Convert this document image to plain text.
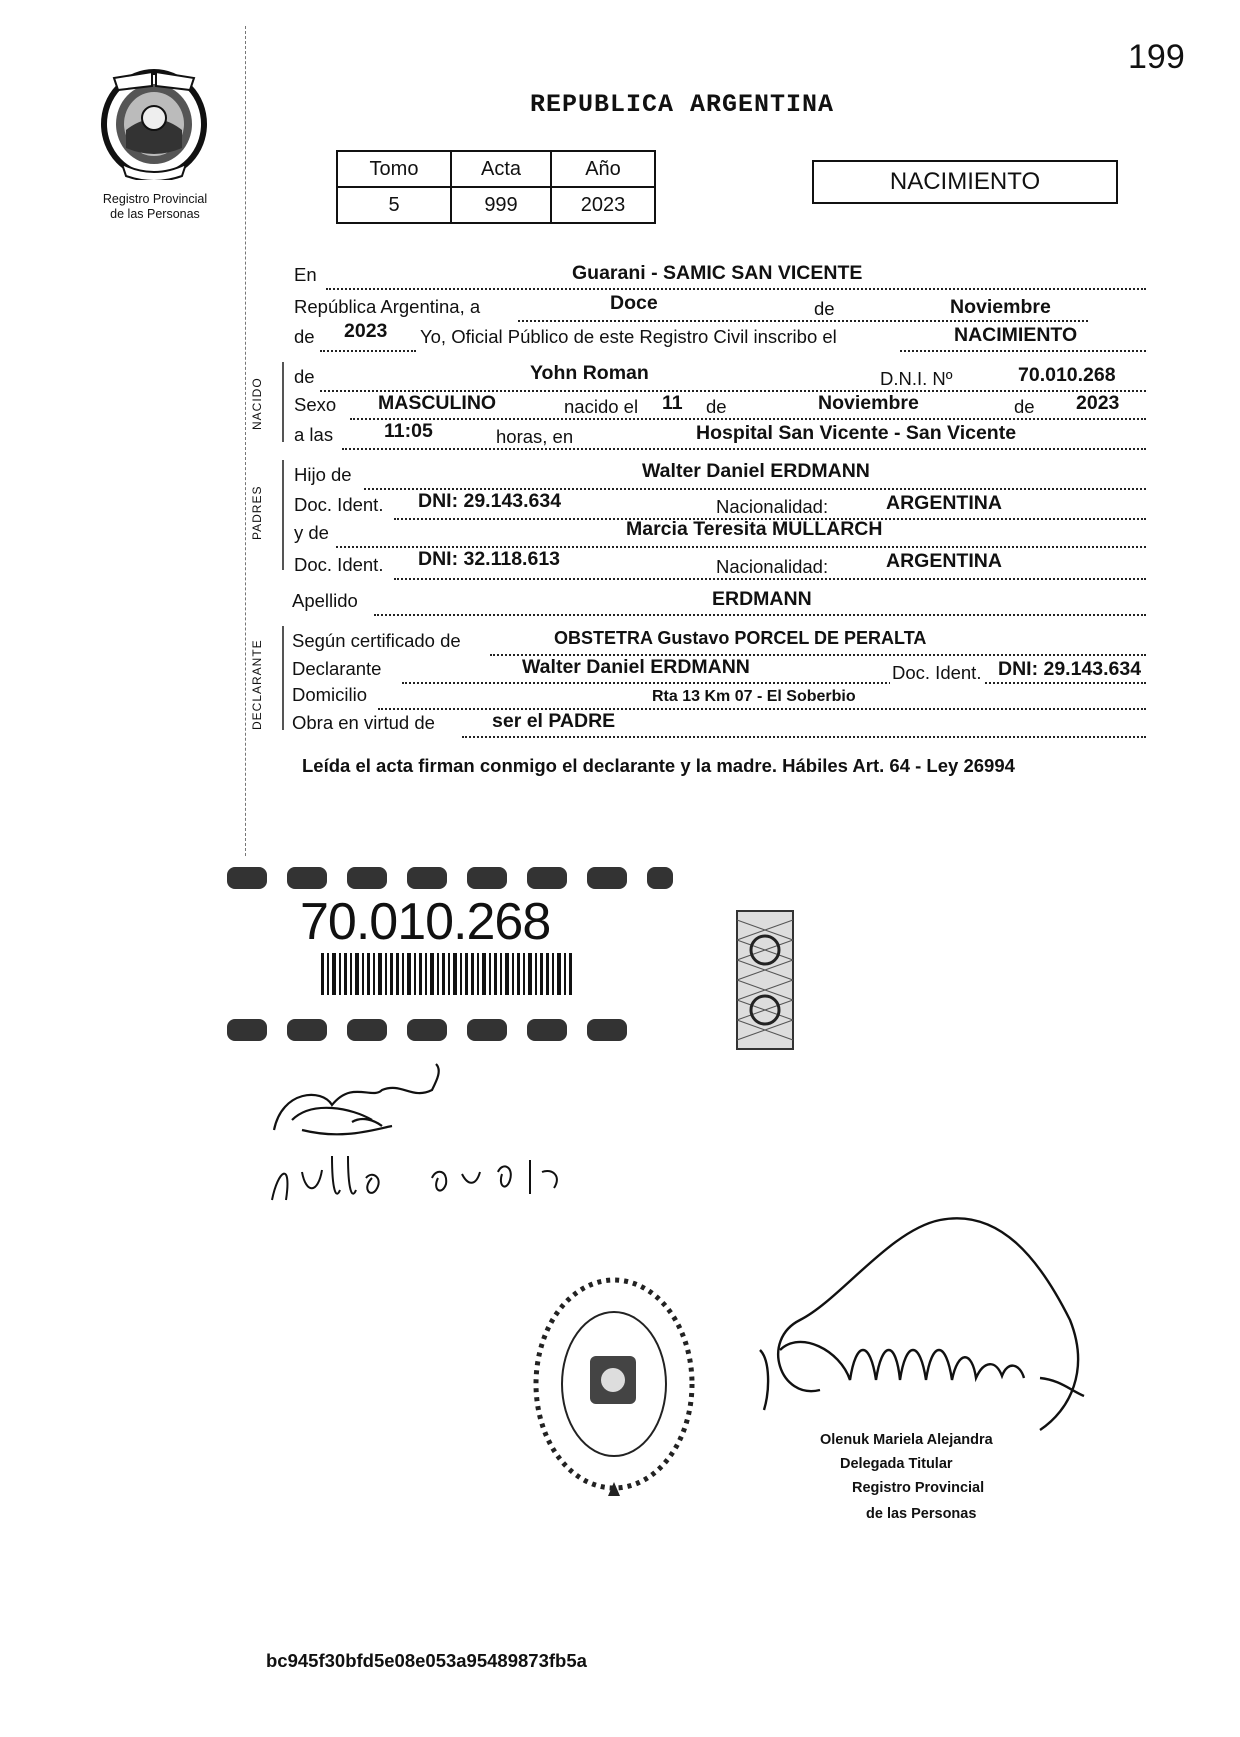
199
REPUBLICA ARGENTINA
Registro Provincial
de las Personas
Tomo	Acta	Año
5	999	2023
NACIMIENTO
NACIDO
PADRES
DECLARANTE
En	Guarani - SAMIC SAN VICENTE
República Argentina, a	Doce	de	Noviembre
de 2023 Yo, Oficial Público de este Registro Civil inscribo el	NACIMIENTO
de	Yohn Roman	D.N.I. Nº	70.010.268
Sexo MASCULINO	nacido el 11 de	Noviembre	de 2023
a las	11:05	horas, en	Hospital San Vicente - San Vicente
Hijo de	Walter Daniel ERDMANN
Doc. Ident. DNI: 29.143.634	Nacionalidad:	ARGENTINA
y de	Marcia Teresita MULLARCH
Doc. Ident. DNI: 32.118.613	Nacionalidad:	ARGENTINA
Apellido	ERDMANN
Según certificado de	OBSTETRA Gustavo PORCEL DE PERALTA
Declarante	Walter Daniel ERDMANN	Doc. Ident. DNI: 29.143.634
Domicilio	Rta 13 Km 07 - El Soberbio
Obra en virtud de	ser el PADRE
Leída el acta firman conmigo el declarante y la madre. Hábiles Art. 64 - Ley 26994
70.010.268
Olenuk Mariela Alejandra
Delegada Titular
Registro Provincial
de las Personas
bc945f30bfd5e08e053a95489873fb5a
